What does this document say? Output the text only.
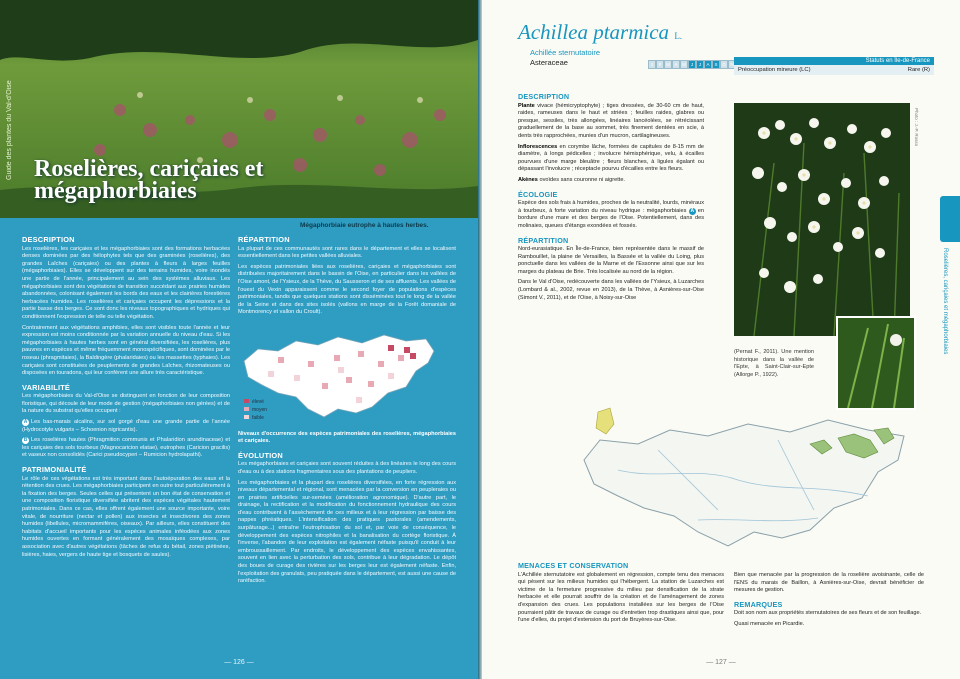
Guide des plantes du Val-d'Oise Roselières, cariçaies et
mégaphorbiaies
Mégaphorbiaie eutrophe à hautes herbes.
DESCRIPTION

Les roselières, les cariçaies et les mégaphorbiaies sont des formations herbacées denses dominées par des hélophytes tels que des graminées (roselières), des grandes Laîches (cariçaies) ou des plantes à fleurs à larges feuilles (mégaphorbiaies). Elles se développent sur des terrains humides, voire inondés une partie de l'année, principalement au sein des systèmes alluviaux. Les mégaphorbiaies sont des végétations de transition succédant aux prairies humides abandonnées, colonisant également les bords des eaux et les clairières forestières herbacées humides. Les roselières et cariçaies occupent les dépressions et la partie basse des berges. Ce sont donc les niveaux topographiques et hydriques qui conditionnent l'expression de telle ou telle végétation.

Contrairement aux végétations amphibies, elles sont visibles toute l'année et leur expression est moins conditionnée par la variation annuelle du niveau d'eau. Si les mégaphorbiaies à hautes herbes sont en général diversifiées, les roselières, plus pauvres en espèces et même fréquemment monospécifiques, sont dominées par le roseau (phragmitaies), la Baldingère (phalaridaies) ou les massettes (typhaies). Les cariçaies sont constituées de peuplements de grandes Laîches, rhizomateuses ou disposées en touradons, qui leur confèrent une allure très caractéristique.

VARIABILITÉ

Les mégaphorbiaies du Val-d'Oise se distinguent en fonction de leur composition floristique, qui découle de leur mode de gestion (mégaphorbiaies non gérées) et de la nature du substrat qu'elles occupent :

A Les bas-marais alcalins, sur sol gorgé d'eau une grande partie de l'année (Hydrocotyle vulgaris – Schoenion nigricantis).

B Les roselières hautes (Phragmition communis et Phalaridion arundinaceae) et les cariçaies des sols tourbeux (Magnocaricion elatae), eutrophes (Caricion gracilis) et vaseux non consolidés (Carici pseudocyperi – Rumicion hydrolapathi).

PATRIMONIALITÉ

Le rôle de ces végétations est très important dans l'autoépuration des eaux et la rétention des crues. Les mégaphorbiaies participent en outre tout particulièrement à la fixation des berges. Seules celles qui présentent un bon état de conservation et une composition floristique diversifiée abritent des espèces végétales hautement patrimoniales. Dans ce cas, elles offrent également une source importante, voire vitale, de nourriture (nectar et pollen) aux insectes et insectivores des zones humides (libellules, micromammifères, oiseaux). Par ailleurs, elles constituent des habitats d'accueil importants pour les espèces animales inféodées aux zones humides ouvertes en formant généralement des mosaïques complexes, par association avec d'autres végétations (tâches de refus du bétail, zones piétinées, lisières, haies, vergers de haute tige et bosquets de saules).

RÉPARTITION

La plupart de ces communautés sont rares dans le département et elles se localisent essentiellement dans les petites vallées alluviales.

Les espèces patrimoniales liées aux roselières, cariçaies et mégaphorbiaies sont distribuées majoritairement dans le bassin de l'Oise, en particulier dans les vallées de l'Oise amont, de l'Ysieux, de la Thève, du Sausseron et de ses affluents. Les vallées de l'ouest du Vexin apparaissent comme le second foyer de populations d'espèces patrimoniales, tandis que quelques stations sont disséminées tout le long de la vallée de la Seine et dans des sites isolés (vallons en marge de la Forêt domaniale de Montmorency et vallon du Croult).

élevé
moyen
faible
Niveaux d'occurrence des espèces patrimoniales des roselières, mégaphorbiaies et cariçaies.
ÉVOLUTION

Les mégaphorbiaies et cariçaies sont souvent réduites à des linéaires le long des cours d'eau ou à des stations fragmentaires sous des plantations de peupliers.

Les mégaphorbiaies et la plupart des roselières diversifiées, en forte régression aux niveaux départemental et régional, sont menacées par la conversion en peupleraies ou en prairies artificielles sur-semées (amélioration agronomique). D'autre part, le drainage, la rectification et la modification du fonctionnement hydraulique des cours d'eau contribuent à l'assèchement de ces milieux et à leur régression par baisse des nappes phréatiques. L'intensification des pratiques pastorales (amendements, surpâturage...) entraîne l'eutrophisation du sol et, par voie de conséquence, le développement des espèces nitrophiles et la banalisation du cortège floristique. À l'inverse, l'abandon de leur exploitation est également néfaste puisqu'il conduit à leur embroussaillement. Par endroits, le développement des espèces envahissantes, souvent en lien avec la perturbation des sols, contribue à leur dégradation. Le dépôt des boues de curage des rivières sur les berges leur est également néfaste. Enfin, l'exploitation des granulats, peu pratiquée dans le département, est aussi une cause de raréfaction.

— 126 —
Achillea ptarmica L.
Achillée sternutatoire
Asteraceae	J	F	M	A	M	J	J	A	S	O	N
Statuts en Île-de-France
Préoccupation mineure (LC)	Rare (R)
DESCRIPTION

Plante vivace (hémicryptophyte) ; tiges dressées, de 30-60 cm de haut, raides, rameuses dans le haut et striées ; feuilles raides, glabres ou presque, sessiles, très allongées, linéaires lancéolées, se rétrécissant graduellement de la base au sommet, très finement dentées en scie, à dents très rapprochées, munies d'un mucron, cartilagineuses.

Inflorescences en corymbe lâche, formées de capitules de 8-15 mm de diamètre, à longs pédicelles ; involucre hémisphérique, velu, à écailles pourvues d'une marge bleuâtre ; fleurs blanches, à ligules égalant ou dépassant l'involucre ; réceptacle pourvu d'écailles entre les fleurs.

Akènes ovoïdes sans couronne ni aigrette.

ÉCOLOGIE

Espèce des sols frais à humides, proches de la neutralité, lourds, minéraux à tourbeux, à forte variation du niveau hydrique : mégaphorbiaies A en bordure d'une mare et des berges de l'Oise. Potentiellement, dans des molinaies, queues d'étangs exondées et fossés.

RÉPARTITION

Nord-eurasiatique. En Île-de-France, bien représentée dans le massif de Rambouillet, la plaine de Versailles, la Bassée et la vallée du Loing, plus ponctuelle dans les vallées de la Marne et de l'Essonne ainsi que sur les marges du plateau de Brie. Très localisée au nord de la région.

Dans le Val d'Oise, redécouverte dans les vallées de l'Ysieux, à Luzarches (Lombard & al., 2002, revue en 2013), de la Thève, à Asnières-sur-Oise (Simont V., 2011), et de l'Oise, à Noisy-sur-Oise

Photo : J.-P. Rosso
Roselières, cariçaies et mégaphorbiaies
(Pernat F., 2011). Une mention historique dans la vallée de l'Epte, à Saint-Clair-sur-Epte (Allorge P., 1922).
MENACES ET CONSERVATION

L'Achillée sternutatoire est globalement en régression, compte tenu des menaces qui pèsent sur les milieux humides qui l'hébergent. La station de Luzarches est victime de la fermeture progressive du milieu par densification de la strate herbacée et elle pourrait souffrir de la création et de l'aménagement de zones d'expansion des crues. Les populations installées sur les berges de l'Oise pourraient pâtir de travaux de curage ou d'entretien trop drastiques ainsi que, pour l'une d'elles, du projet d'extension du port de Bruyères-sur-Oise.

Bien que menacée par la progression de la roselière avoisinante, celle de l'ENS du marais de Baillon, à Asnières-sur-Oise, devrait bénéficier de mesures de gestion.

REMARQUES

Doit son nom aux propriétés sternutatoires de ses fleurs et de son feuillage.

Quasi menacée en Picardie.

— 127 —
